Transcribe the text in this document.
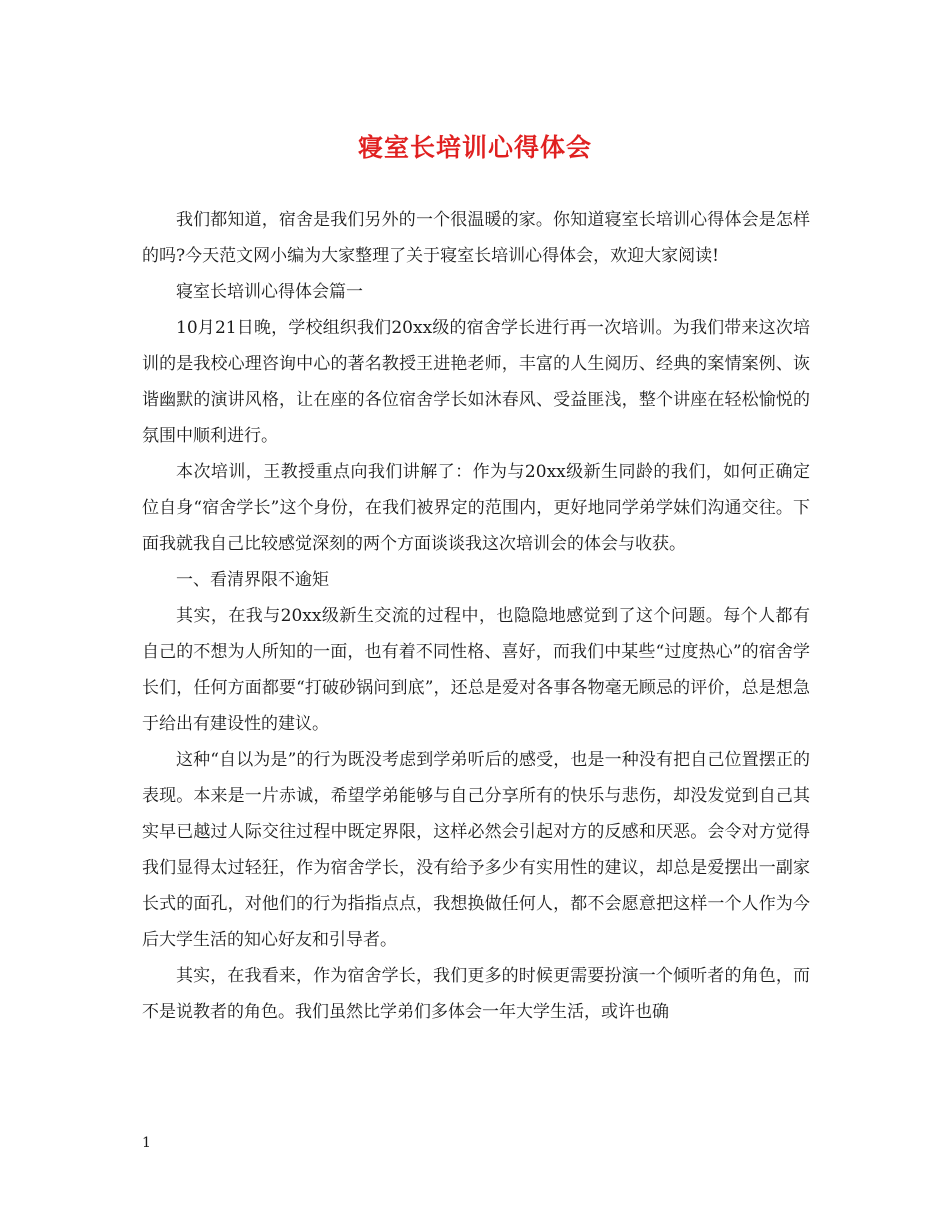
寝室长培训心得体会

我们都知道，宿舍是我们另外的一个很温暖的家。你知道寝室长培训心得体会是怎样的吗?今天范文网小编为大家整理了关于寝室长培训心得体会，欢迎大家阅读!

寝室长培训心得体会篇一

10月21日晚，学校组织我们20xx级的宿舍学长进行再一次培训。为我们带来这次培训的是我校心理咨询中心的著名教授王进艳老师，丰富的人生阅历、经典的案情案例、诙谐幽默的演讲风格，让在座的各位宿舍学长如沐春风、受益匪浅，整个讲座在轻松愉悦的氛围中顺利进行。

本次培训，王教授重点向我们讲解了：作为与20xx级新生同龄的我们，如何正确定位自身“宿舍学长”这个身份，在我们被界定的范围内，更好地同学弟学妹们沟通交往。下面我就我自己比较感觉深刻的两个方面谈谈我这次培训会的体会与收获。

一、看清界限不逾矩

其实，在我与20xx级新生交流的过程中，也隐隐地感觉到了这个问题。每个人都有自己的不想为人所知的一面，也有着不同性格、喜好，而我们中某些“过度热心”的宿舍学长们，任何方面都要“打破砂锅问到底”，还总是爱对各事各物毫无顾忌的评价，总是想急于给出有建设性的建议。

这种“自以为是”的行为既没考虑到学弟听后的感受，也是一种没有把自己位置摆正的表现。本来是一片赤诚，希望学弟能够与自己分享所有的快乐与悲伤，却没发觉到自己其实早已越过人际交往过程中既定界限，这样必然会引起对方的反感和厌恶。会令对方觉得我们显得太过轻狂，作为宿舍学长，没有给予多少有实用性的建议，却总是爱摆出一副家长式的面孔，对他们的行为指指点点，我想换做任何人，都不会愿意把这样一个人作为今后大学生活的知心好友和引导者。

其实，在我看来，作为宿舍学长，我们更多的时候更需要扮演一个倾听者的角色，而不是说教者的角色。我们虽然比学弟们多体会一年大学生活，或许也确

1
